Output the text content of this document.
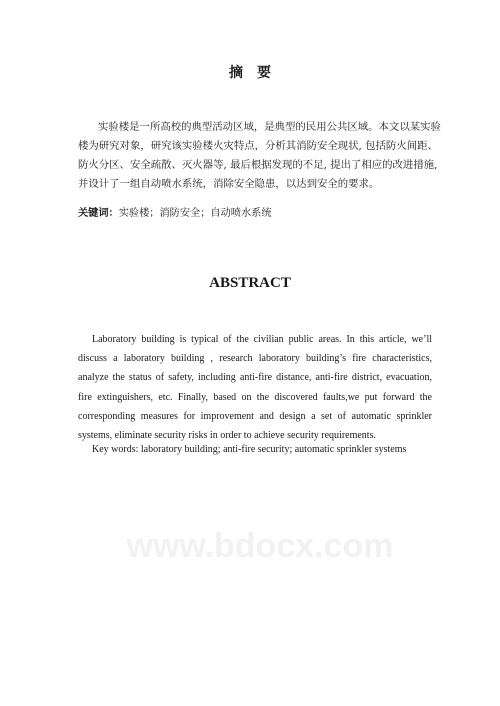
摘要

实验楼是一所高校的典型活动区域，是典型的民用公共区域。本文以某实验
楼为研究对象，研究该实验楼火灾特点，分析其消防安全现状, 包括防火间距、
防火分区、安全疏散、灭火器等, 最后根据发现的不足, 提出了相应的改进措施,
并设计了一组自动喷水系统，消除安全隐患，以达到安全的要求。

关键词：实验楼；消防安全；自动喷水系统
ABSTRACT
Laboratory building is typical of the civilian public areas. In this article, we’ll
discuss a laboratory building , research laboratory building’s fire characteristics,
analyze the status of safety, including anti-fire distance, anti-fire district, evacuation,
fire extinguishers, etc. Finally, based on the discovered faults,we put forward the
corresponding measures for improvement and design a set of automatic sprinkler
systems, eliminate security risks in order to achieve security requirements.
Key words: laboratory building; anti-fire security; automatic sprinkler systems
www.bdocx.com
